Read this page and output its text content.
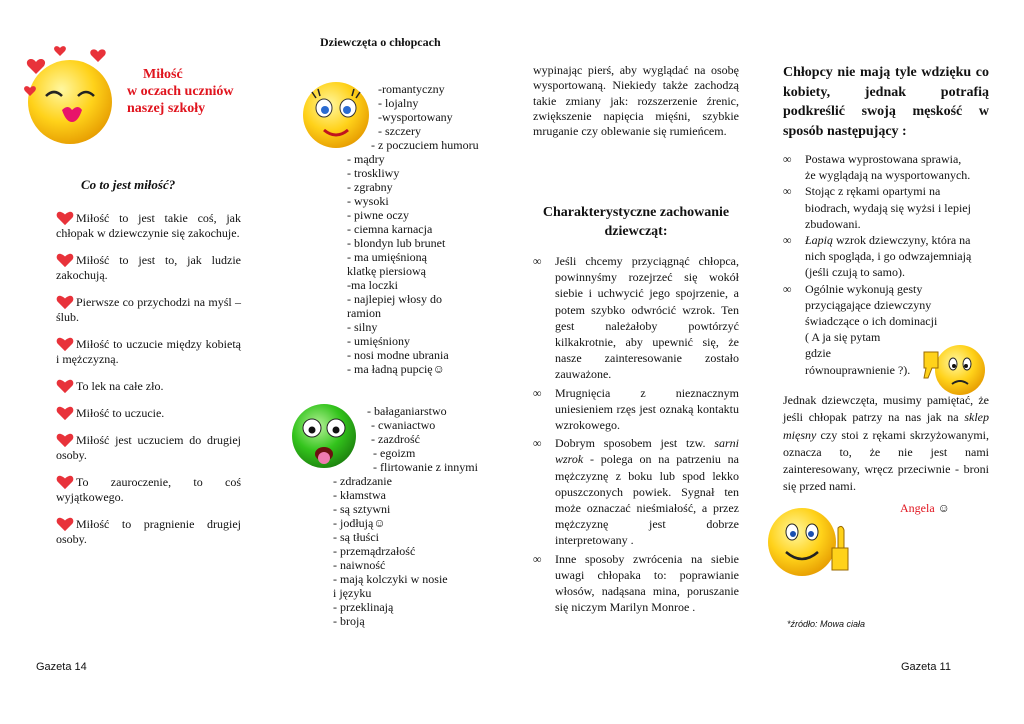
Miłość
w oczach uczniów
naszej szkoły
Co to jest miłość?

Miłość to jest takie coś, jak chłopak w dziewczynie się zakochuje.

Miłość to jest to, jak ludzie zakochują.

Pierwsze co przychodzi na myśl – ślub.

Miłość to uczucie między kobietą i mężczyzną.

To lek na całe zło.

Miłość to uczucie.

Miłość jest uczuciem do drugiej osoby.

To zauroczenie, to coś wyjątkowego.

Miłość to pragnienie drugiej osoby.

Dziewczęta o chłopcach
-romantyczny
- lojalny
-wysportowany
- szczery
- z poczuciem humoru
- mądry
- troskliwy
- zgrabny
- wysoki
- piwne oczy
- ciemna karnacja
- blondyn lub brunet
- ma umięśnioną
klatkę piersiową
-ma loczki
- najlepiej włosy do
ramion
- silny
- umięśniony
- nosi modne ubrania
- ma ładną pupcię☺
- bałaganiarstwo
- cwaniactwo
- zazdrość
- egoizm
- flirtowanie z innymi
- zdradzanie
- kłamstwa
- są sztywni
- jodłują☺
- są tłuści
- przemądrzałość
- naiwność
- mają kolczyki w nosie
i języku
- przeklinają
- broją
wypinając pierś, aby wyglądać na osobę wysportowaną. Niekiedy także zachodzą takie zmiany jak: rozszerzenie źrenic, zwiększenie napięcia mięśni, szybkie mruganie czy oblewanie się rumieńcem.
Charakterystyczne zachowanie dziewcząt:
∞ Jeśli chcemy przyciągnąć chłopca, powinnyśmy rozejrzeć się wokół siebie i uchwycić jego spojrzenie, a potem szybko odwrócić wzrok. Ten gest należałoby powtórzyć kilkakrotnie, aby upewnić się, że nasze zainteresowanie zostało zauważone.
∞ Mrugnięcia z nieznacznym uniesieniem rzęs jest oznaką kontaktu wzrokowego.
∞ Dobrym sposobem jest tzw. sarni wzrok - polega on na patrzeniu na mężczyznę z boku lub spod lekko opuszczonych powiek. Sygnał ten może oznaczać nieśmiałość, a przez mężczyznę jest dobrze interpretowany .
∞ Inne sposoby zwrócenia na siebie uwagi chłopaka to: poprawianie włosów, nadąsana mina, poruszanie się niczym Marilyn Monroe .
Chłopcy nie mają tyle wdzięku co kobiety, jednak potrafią podkreślić swoją męskość w sposób następujący :
∞ Postawa wyprostowana sprawia,
że wyglądają na wysportowanych.
∞ Stojąc z rękami opartymi na
biodrach, wydają się wyżsi i lepiej
zbudowani.
∞ Łapią wzrok dziewczyny, która na
nich spogląda, i go odwzajemniają
(jeśli czują to samo).
∞ Ogólnie wykonują gesty
przyciągające dziewczyny
świadczące o ich dominacji
( A ja się pytam
gdzie
równouprawnienie ?).
Jednak dziewczęta, musimy pamiętać, że jeśli chłopak patrzy na nas jak na sklep mięsny czy stoi z rękami skrzyżowanymi, oznacza to, że nie jest nami zainteresowany, wręcz przeciwnie - broni się przed nami.
Angela ☺
*źródło: Mowa ciała
Gazeta 14	Gazeta 11
